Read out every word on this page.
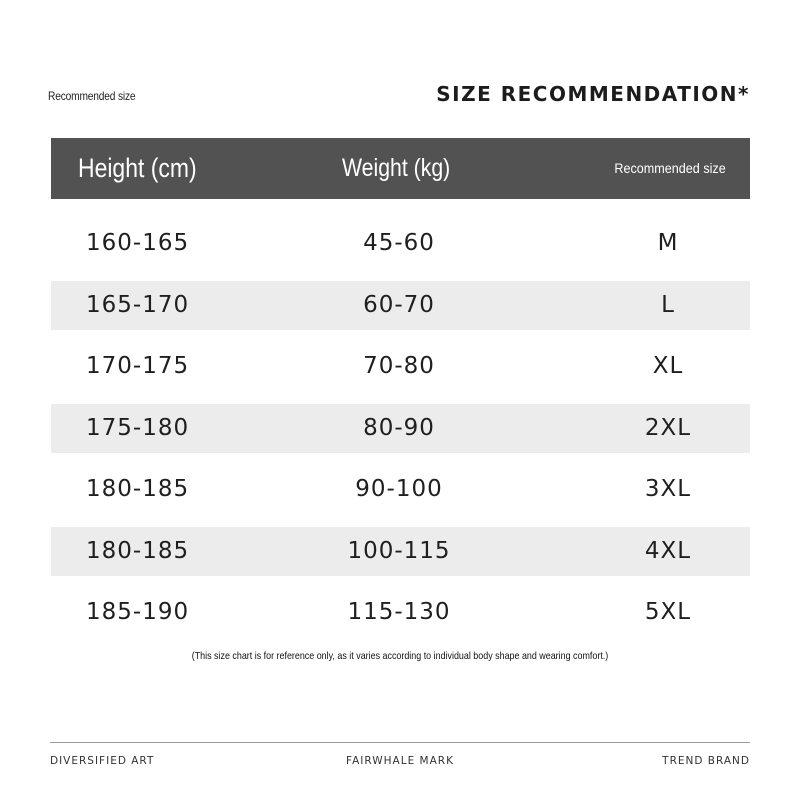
Recommended size	SIZE RECOMMENDATION*
Height (cm)	Weight (kg)	Recommended size
160-165	45-60	M
165-170	60-70	L
170-175	70-80	XL
175-180	80-90	2XL
180-185	90-100	3XL
180-185	100-115	4XL
185-190	115-130	5XL
(This size chart is for reference only, as it varies according to individual body shape and wearing comfort.)
DIVERSIFIED ART	FAIRWHALE MARK	TREND BRAND
